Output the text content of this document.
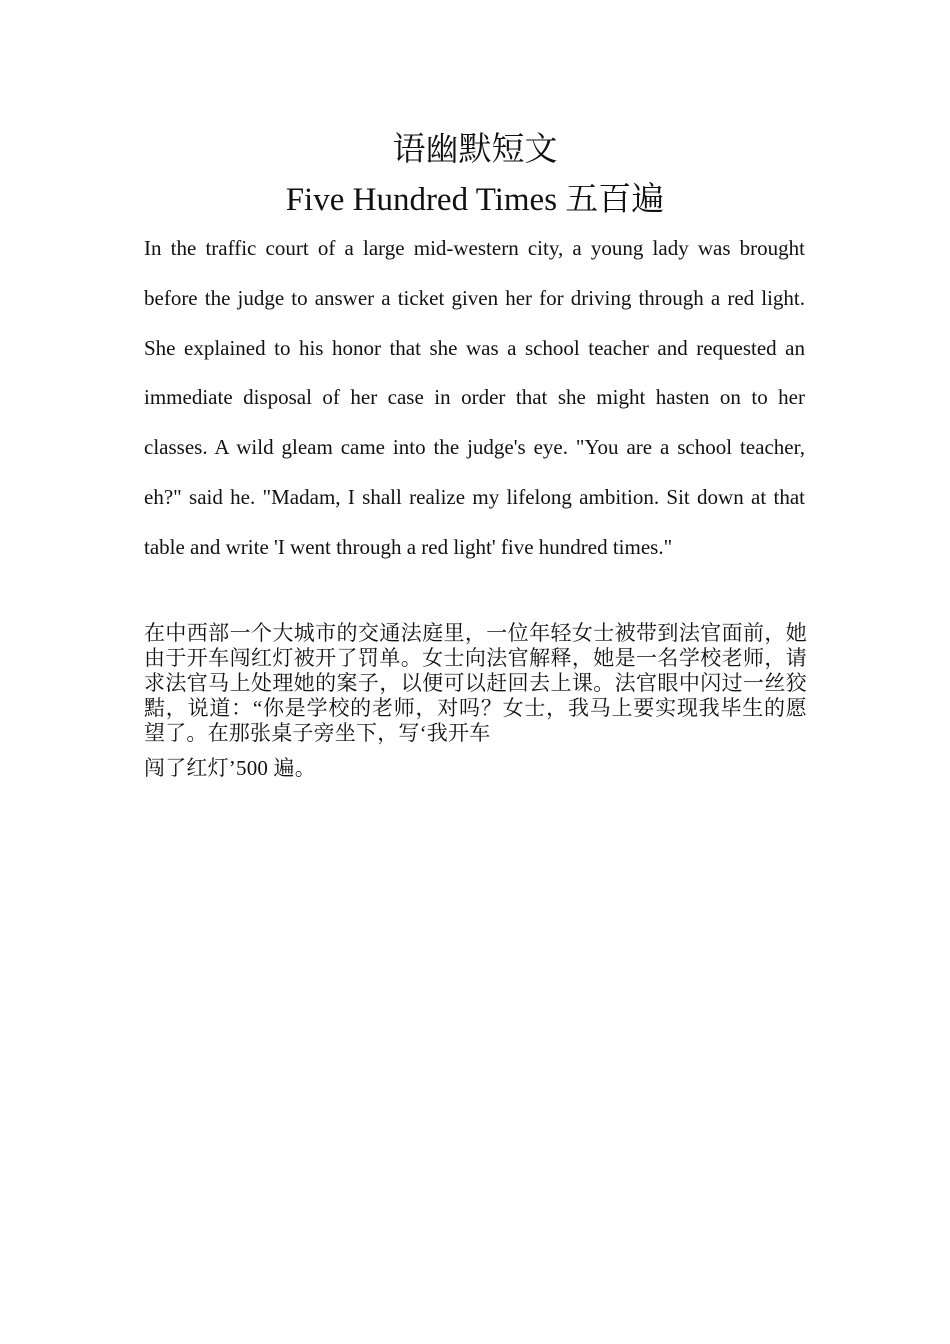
语幽默短文
Five Hundred Times 五百遍

In the traffic court of a large mid-western city, a young lady was brought before the judge to answer a ticket given her for driving through a red light. She explained to his honor that she was a school teacher and requested an immediate disposal of her case in order that she might hasten on to her classes. A wild gleam came into the judge's eye. "You are a school teacher, eh?" said he. "Madam, I shall realize my lifelong ambition. Sit down at that table and write 'I went through a red light' five hundred times."

在中西部一个大城市的交通法庭里，一位年轻女士被带到法官面前，她由于开车闯红灯被开了罚单。女士向法官解释，她是一名学校老师，请求法官马上处理她的案子，以便可以赶回去上课。法官眼中闪过一丝狡黠，说道：“你是学校的老师，对吗？女士，我马上要实现我毕生的愿望了。在那张桌子旁坐下，写‘我开车
闯了红灯’500 遍。
